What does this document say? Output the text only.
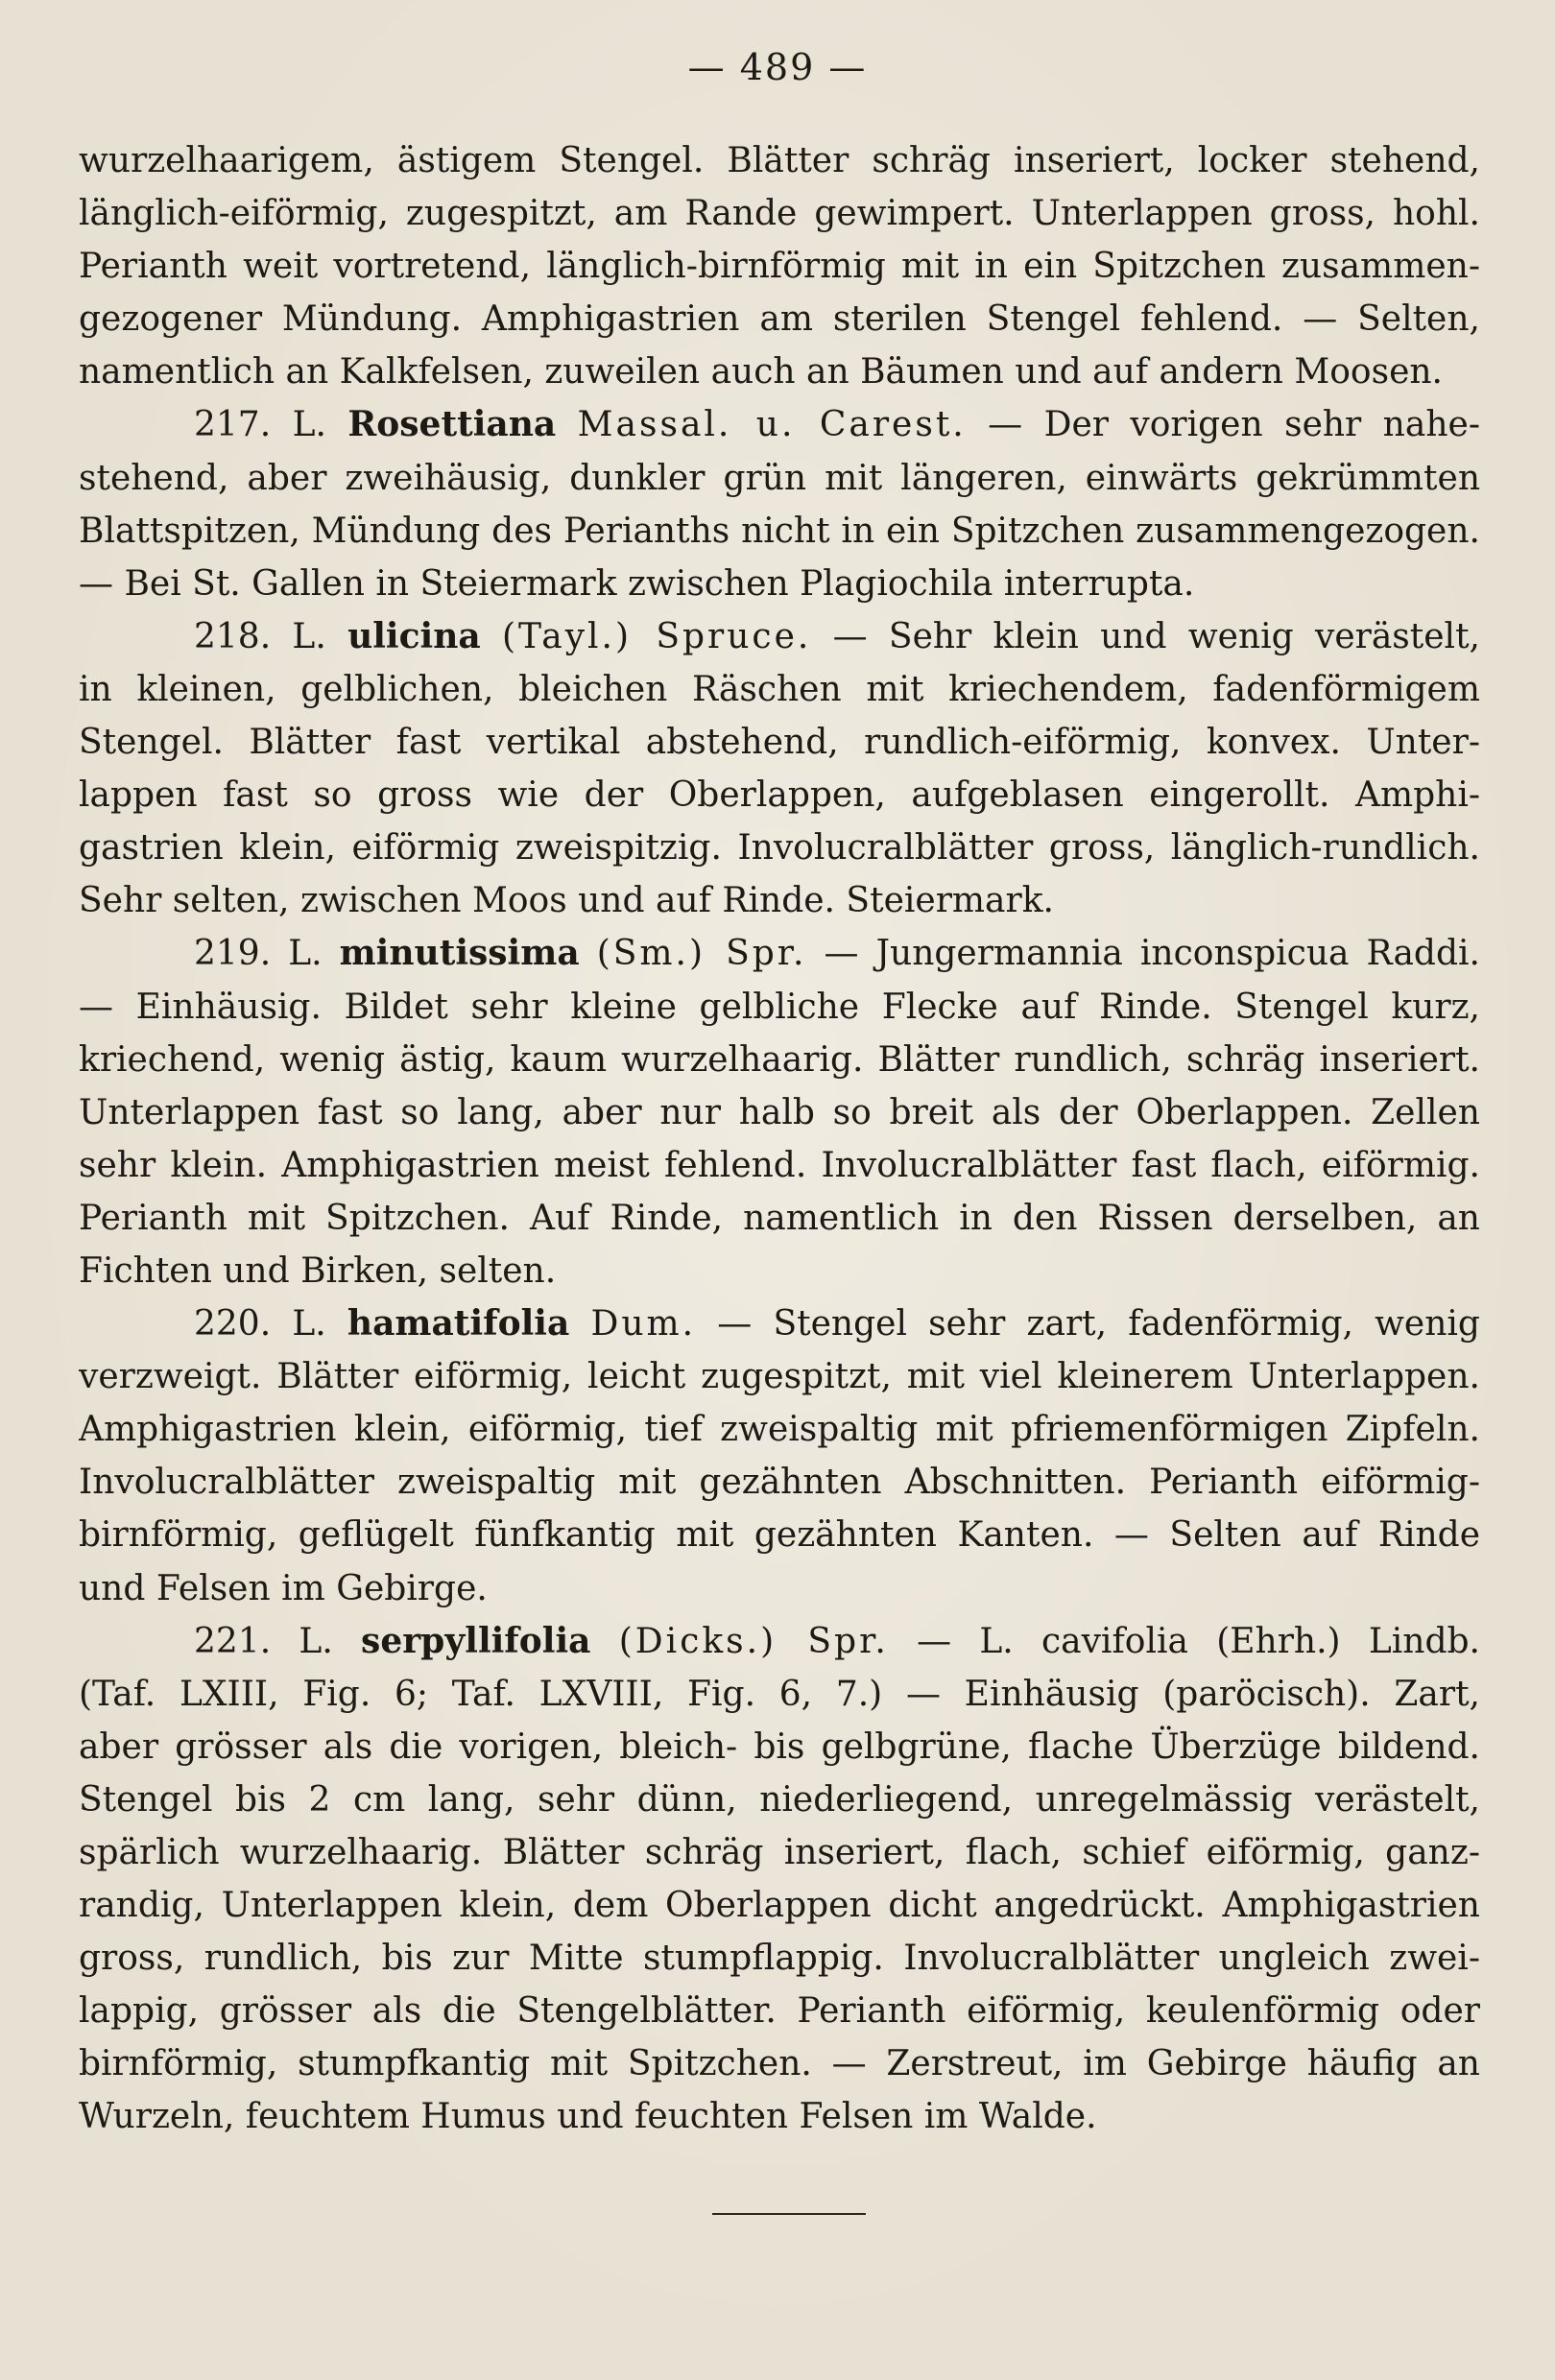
— 489 —
wurzelhaarigem, ästigem Stengel. Blätter schräg inseriert, locker stehend,
länglich-eiförmig, zugespitzt, am Rande gewimpert. Unterlappen gross, hohl.
Perianth weit vortretend, länglich-birnförmig mit in ein Spitzchen zusammen-
gezogener Mündung. Amphigastrien am sterilen Stengel fehlend. — Selten,
namentlich an Kalkfelsen, zuweilen auch an Bäumen und auf andern Moosen.
217. L. Rosettiana Massal. u. Carest. — Der vorigen sehr nahe-
stehend, aber zweihäusig, dunkler grün mit längeren, einwärts gekrümmten
Blattspitzen, Mündung des Perianths nicht in ein Spitzchen zusammengezogen.
— Bei St. Gallen in Steiermark zwischen Plagiochila interrupta.
218. L. ulicina (Tayl.) Spruce. — Sehr klein und wenig verästelt,
in kleinen, gelblichen, bleichen Räschen mit kriechendem, fadenförmigem
Stengel. Blätter fast vertikal abstehend, rundlich-eiförmig, konvex. Unter-
lappen fast so gross wie der Oberlappen, aufgeblasen eingerollt. Amphi-
gastrien klein, eiförmig zweispitzig. Involucralblätter gross, länglich-rundlich.
Sehr selten, zwischen Moos und auf Rinde. Steiermark.
219. L. minutissima (Sm.) Spr. — Jungermannia inconspicua Raddi.
— Einhäusig. Bildet sehr kleine gelbliche Flecke auf Rinde. Stengel kurz,
kriechend, wenig ästig, kaum wurzelhaarig. Blätter rundlich, schräg inseriert.
Unterlappen fast so lang, aber nur halb so breit als der Oberlappen. Zellen
sehr klein. Amphigastrien meist fehlend. Involucralblätter fast flach, eiförmig.
Perianth mit Spitzchen. Auf Rinde, namentlich in den Rissen derselben, an
Fichten und Birken, selten.
220. L. hamatifolia Dum. — Stengel sehr zart, fadenförmig, wenig
verzweigt. Blätter eiförmig, leicht zugespitzt, mit viel kleinerem Unterlappen.
Amphigastrien klein, eiförmig, tief zweispaltig mit pfriemenförmigen Zipfeln.
Involucralblätter zweispaltig mit gezähnten Abschnitten. Perianth eiförmig-
birnförmig, geflügelt fünfkantig mit gezähnten Kanten. — Selten auf Rinde
und Felsen im Gebirge.
221. L. serpyllifolia (Dicks.) Spr. — L. cavifolia (Ehrh.) Lindb.
(Taf. LXIII, Fig. 6; Taf. LXVIII, Fig. 6, 7.) — Einhäusig (paröcisch). Zart,
aber grösser als die vorigen, bleich- bis gelbgrüne, flache Überzüge bildend.
Stengel bis 2 cm lang, sehr dünn, niederliegend, unregelmässig verästelt,
spärlich wurzelhaarig. Blätter schräg inseriert, flach, schief eiförmig, ganz-
randig, Unterlappen klein, dem Oberlappen dicht angedrückt. Amphigastrien
gross, rundlich, bis zur Mitte stumpflappig. Involucralblätter ungleich zwei-
lappig, grösser als die Stengelblätter. Perianth eiförmig, keulenförmig oder
birnförmig, stumpfkantig mit Spitzchen. — Zerstreut, im Gebirge häufig an
Wurzeln, feuchtem Humus und feuchten Felsen im Walde.
